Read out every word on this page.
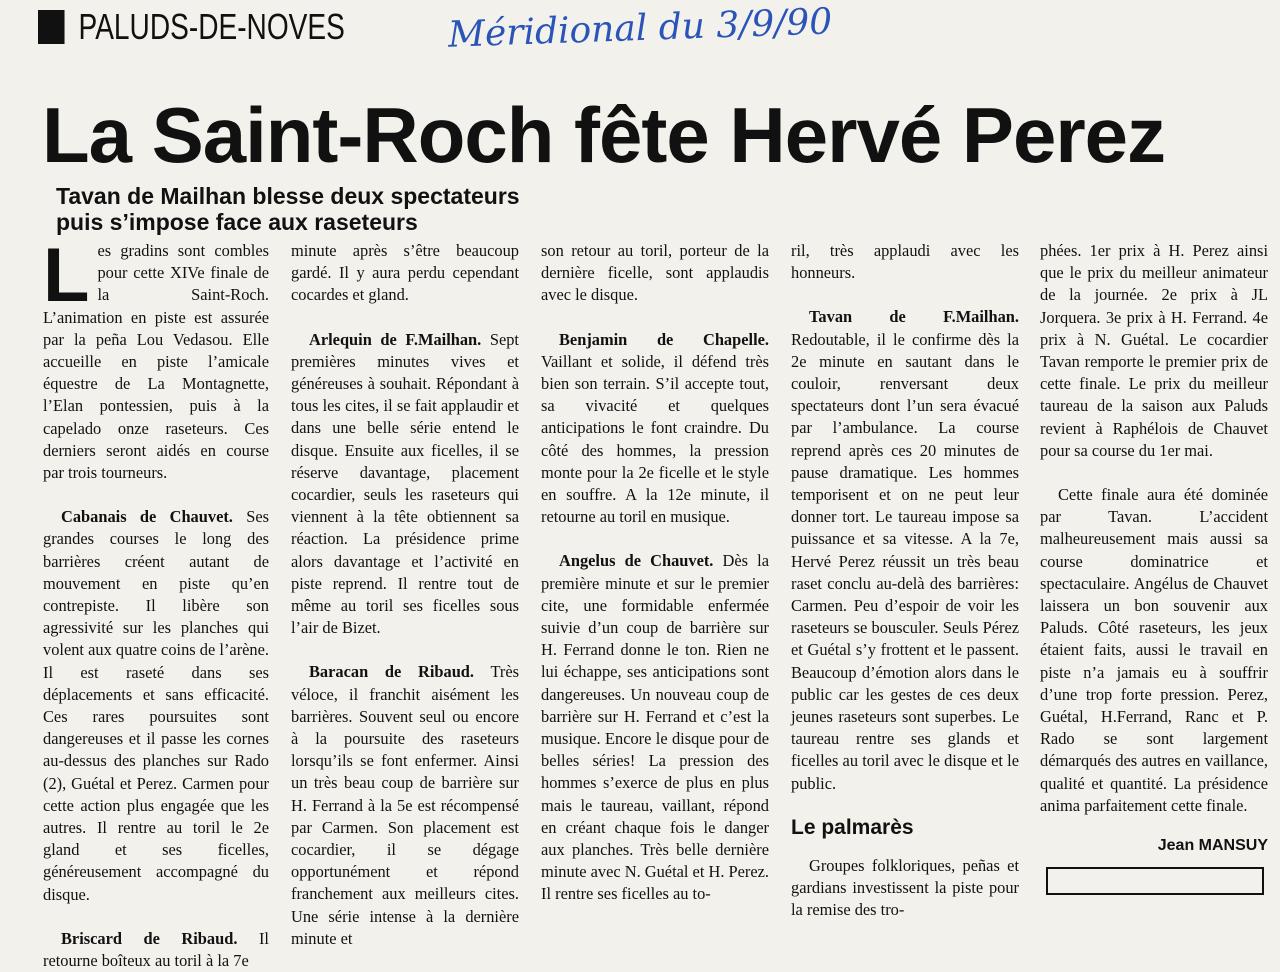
PALUDS-DE-NOVES	Méridional du 3/9/90
La Saint-Roch fête Hervé Perez
Tavan de Mailhan blesse deux spectateurs
puis s’impose face aux raseteurs

Les gradins sont combles pour cette XIVe finale de la Saint-Roch. L’animation en piste est assurée par la peña Lou Vedasou. Elle accueille en piste l’amicale équestre de La Montagnette, l’Elan pontessien, puis à la capelado onze raseteurs. Ces derniers seront aidés en course par trois tourneurs.

Cabanais de Chauvet. Ses grandes courses le long des barrières créent autant de mouvement en piste qu’en contrepiste. Il libère son agressivité sur les planches qui volent aux quatre coins de l’arène. Il est raseté dans ses déplacements et sans efficacité. Ces rares poursuites sont dangereuses et il passe les cornes au-dessus des planches sur Rado (2), Guétal et Perez. Carmen pour cette action plus engagée que les autres. Il rentre au toril le 2e gland et ses ficelles, généreusement accompagné du disque.

Briscard de Ribaud. Il retourne boîteux au toril à la 7e

minute après s’être beaucoup gardé. Il y aura perdu cependant cocardes et gland.

Arlequin de F.Mailhan. Sept premières minutes vives et généreuses à souhait. Répondant à tous les cites, il se fait applaudir et dans une belle série entend le disque. Ensuite aux ficelles, il se réserve davantage, placement cocardier, seuls les raseteurs qui viennent à la tête obtiennent sa réaction. La présidence prime alors davantage et l’activité en piste reprend. Il rentre tout de même au toril ses ficelles sous l’air de Bizet.

Baracan de Ribaud. Très véloce, il franchit aisément les barrières. Souvent seul ou encore à la poursuite des raseteurs lorsqu’ils se font enfermer. Ainsi un très beau coup de barrière sur H. Ferrand à la 5e est récompensé par Carmen. Son placement est cocardier, il se dégage opportunément et répond franchement aux meilleurs cites. Une série intense à la dernière minute et

son retour au toril, porteur de la dernière ficelle, sont applaudis avec le disque.

Benjamin de Chapelle. Vaillant et solide, il défend très bien son terrain. S’il accepte tout, sa vivacité et quelques anticipations le font craindre. Du côté des hommes, la pression monte pour la 2e ficelle et le style en souffre. A la 12e minute, il retourne au toril en musique.

Angelus de Chauvet. Dès la première minute et sur le premier cite, une formidable enfermée suivie d’un coup de barrière sur H. Ferrand donne le ton. Rien ne lui échappe, ses anticipations sont dangereuses. Un nouveau coup de barrière sur H. Ferrand et c’est la musique. Encore le disque pour de belles séries! La pression des hommes s’exerce de plus en plus mais le taureau, vaillant, répond en créant chaque fois le danger aux planches. Très belle dernière minute avec N. Guétal et H. Perez. Il rentre ses ficelles au to-

ril, très applaudi avec les honneurs.

Tavan de F.Mailhan. Redoutable, il le confirme dès la 2e minute en sautant dans le couloir, renversant deux spectateurs dont l’un sera évacué par l’ambulance. La course reprend après ces 20 minutes de pause dramatique. Les hommes temporisent et on ne peut leur donner tort. Le taureau impose sa puissance et sa vitesse. A la 7e, Hervé Perez réussit un très beau raset conclu au-delà des barrières: Carmen. Peu d’espoir de voir les raseteurs se bousculer. Seuls Pérez et Guétal s’y frottent et le passent. Beaucoup d’émotion alors dans le public car les gestes de ces deux jeunes raseteurs sont superbes. Le taureau rentre ses glands et ficelles au toril avec le disque et le public.

Le palmarès

Groupes folkloriques, peñas et gardians investissent la piste pour la remise des tro-

phées. 1er prix à H. Perez ainsi que le prix du meilleur animateur de la journée. 2e prix à JL Jorquera. 3e prix à H. Ferrand. 4e prix à N. Guétal. Le cocardier Tavan remporte le premier prix de cette finale. Le prix du meilleur taureau de la saison aux Paluds revient à Raphélois de Chauvet pour sa course du 1er mai.

Cette finale aura été dominée par Tavan. L’accident malheureusement mais aussi sa course dominatrice et spectaculaire. Angélus de Chauvet laissera un bon souvenir aux Paluds. Côté raseteurs, les jeux étaient faits, aussi le travail en piste n’a jamais eu à souffrir d’une trop forte pression. Perez, Guétal, H.Ferrand, Ranc et P. Rado se sont largement démarqués des autres en vaillance, qualité et quantité. La présidence anima parfaitement cette finale.

Jean MANSUY
